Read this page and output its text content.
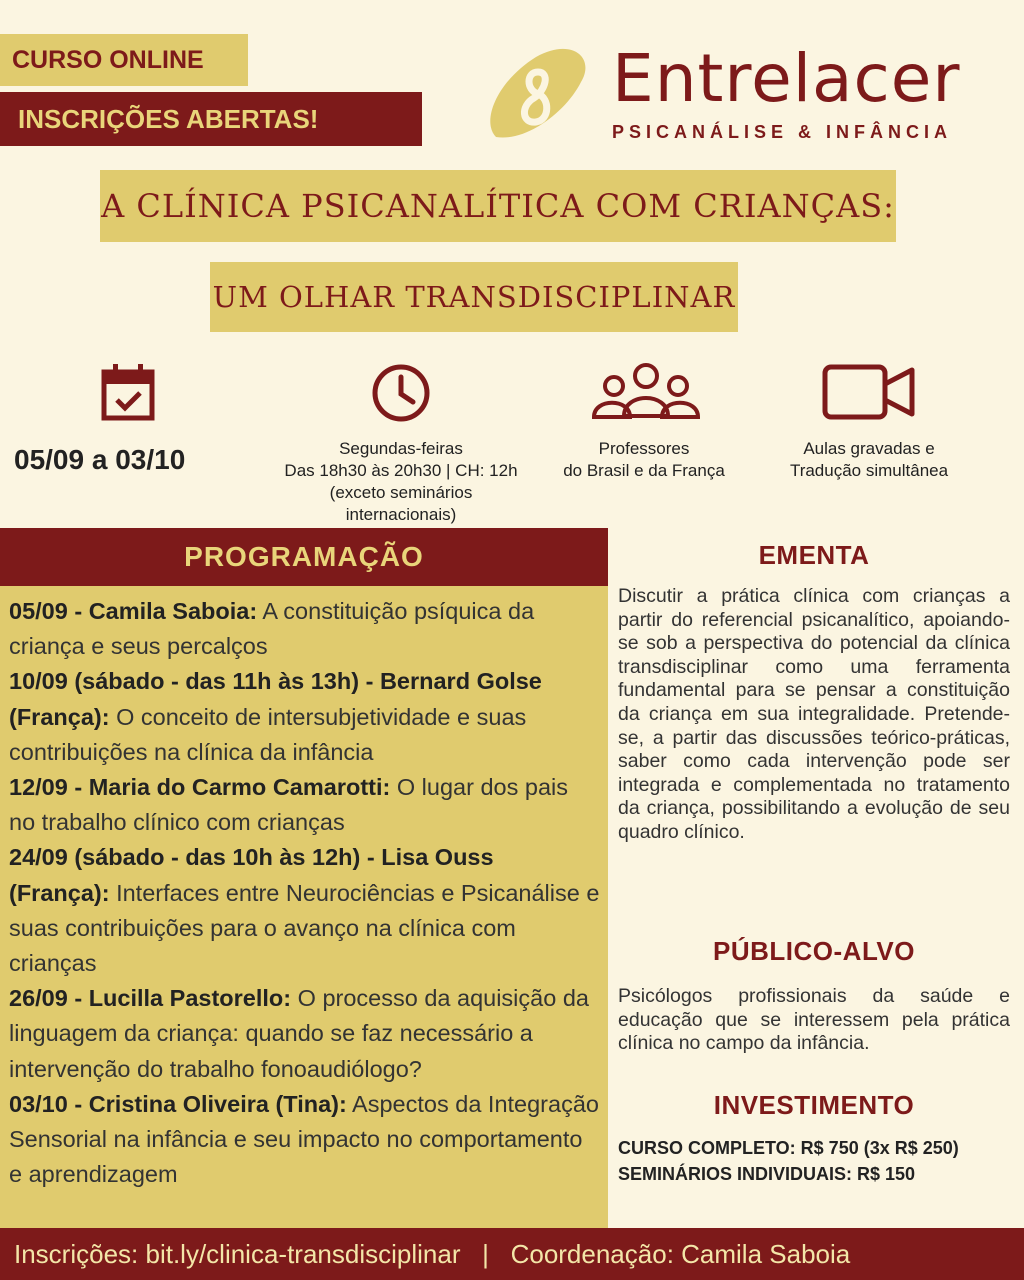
CURSO ONLINE
INSCRIÇÕES ABERTAS!
Entrelacer
PSICANÁLISE & INFÂNCIA
A CLÍNICA PSICANALÍTICA COM CRIANÇAS:
UM OLHAR TRANSDISCIPLINAR
05/09 a 03/10	Segundas-feiras
Das 18h30 às 20h30 | CH: 12h
(exceto seminários
internacionais)
Professores
do Brasil e da França
Aulas gravadas e
Tradução simultânea
PROGRAMAÇÃO
05/09 - Camila Saboia: A constituição psíquica da criança e seus percalços
10/09 (sábado - das 11h às 13h) - Bernard Golse (França): O conceito de intersubjetividade e suas contribuições na clínica da infância
12/09 - Maria do Carmo Camarotti: O lugar dos pais no trabalho clínico com crianças
24/09 (sábado - das 10h às 12h) - Lisa Ouss (França): Interfaces entre Neurociências e Psicanálise e suas contribuições para o avanço na clínica com crianças
26/09 - Lucilla Pastorello: O processo da aquisição da linguagem da criança: quando se faz necessário a intervenção do trabalho fonoaudiólogo?
03/10 - Cristina Oliveira (Tina): Aspectos da Integração Sensorial na infância e seu impacto no comportamento e aprendizagem
EMENTA
Discutir a prática clínica com crianças a partir do referencial psicanalítico, apoiando-se sob a perspectiva do potencial da clínica transdisciplinar como uma ferramenta fundamental para se pensar a constituição da criança em sua integralidade. Pretende-se, a partir das discussões teórico-práticas, saber como cada intervenção pode ser integrada e complementada no tratamento da criança, possibilitando a evolução de seu quadro clínico.
PÚBLICO-ALVO
Psicólogos profissionais da saúde e educação que se interessem pela prática clínica no campo da infância.
INVESTIMENTO
CURSO COMPLETO: R$ 750 (3x R$ 250)
SEMINÁRIOS INDIVIDUAIS: R$ 150
Inscrições: bit.ly/clinica-transdisciplinar   |   Coordenação: Camila Saboia
